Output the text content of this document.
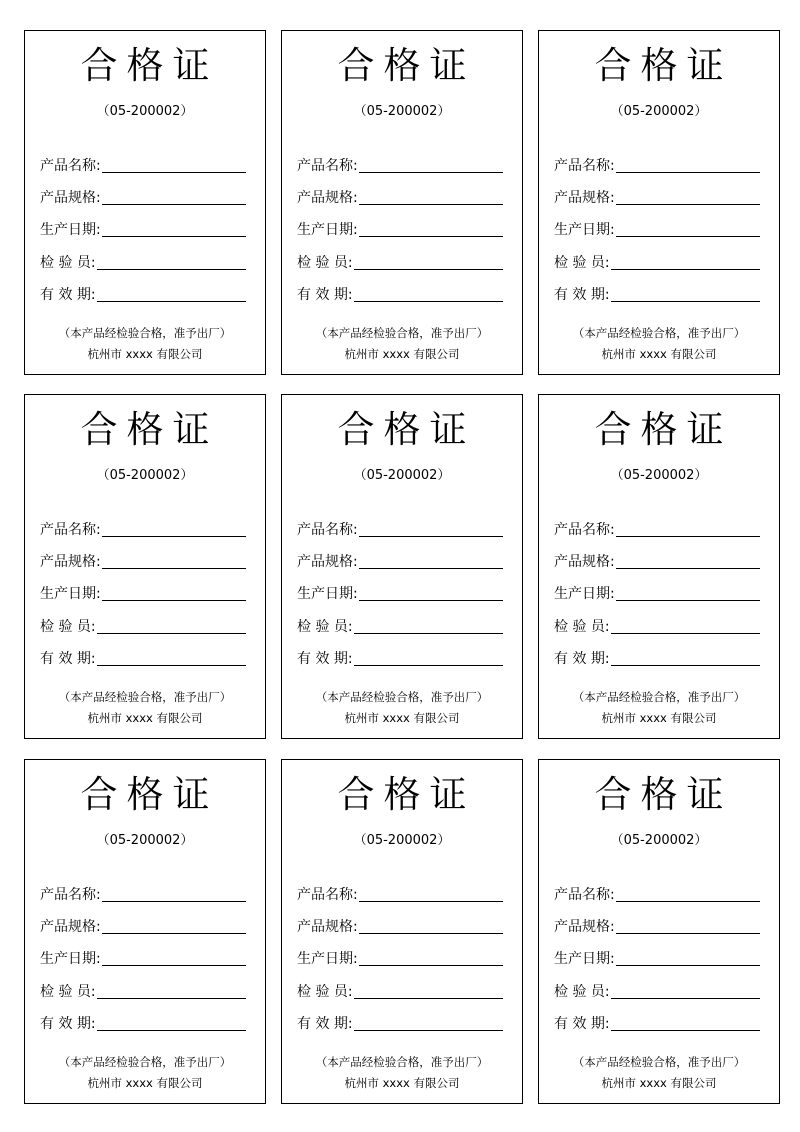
合格证
（05-200002）
产品名称:
产品规格:
生产日期:
检 验 员:
有 效 期:
（本产品经检验合格，准予出厂）
杭州市 xxxx 有限公司
合格证
（05-200002）
产品名称:
产品规格:
生产日期:
检 验 员:
有 效 期:
（本产品经检验合格，准予出厂）
杭州市 xxxx 有限公司
合格证
（05-200002）
产品名称:
产品规格:
生产日期:
检 验 员:
有 效 期:
（本产品经检验合格，准予出厂）
杭州市 xxxx 有限公司
合格证
（05-200002）
产品名称:
产品规格:
生产日期:
检 验 员:
有 效 期:
（本产品经检验合格，准予出厂）
杭州市 xxxx 有限公司
合格证
（05-200002）
产品名称:
产品规格:
生产日期:
检 验 员:
有 效 期:
（本产品经检验合格，准予出厂）
杭州市 xxxx 有限公司
合格证
（05-200002）
产品名称:
产品规格:
生产日期:
检 验 员:
有 效 期:
（本产品经检验合格，准予出厂）
杭州市 xxxx 有限公司
合格证
（05-200002）
产品名称:
产品规格:
生产日期:
检 验 员:
有 效 期:
（本产品经检验合格，准予出厂）
杭州市 xxxx 有限公司
合格证
（05-200002）
产品名称:
产品规格:
生产日期:
检 验 员:
有 效 期:
（本产品经检验合格，准予出厂）
杭州市 xxxx 有限公司
合格证
（05-200002）
产品名称:
产品规格:
生产日期:
检 验 员:
有 效 期:
（本产品经检验合格，准予出厂）
杭州市 xxxx 有限公司
